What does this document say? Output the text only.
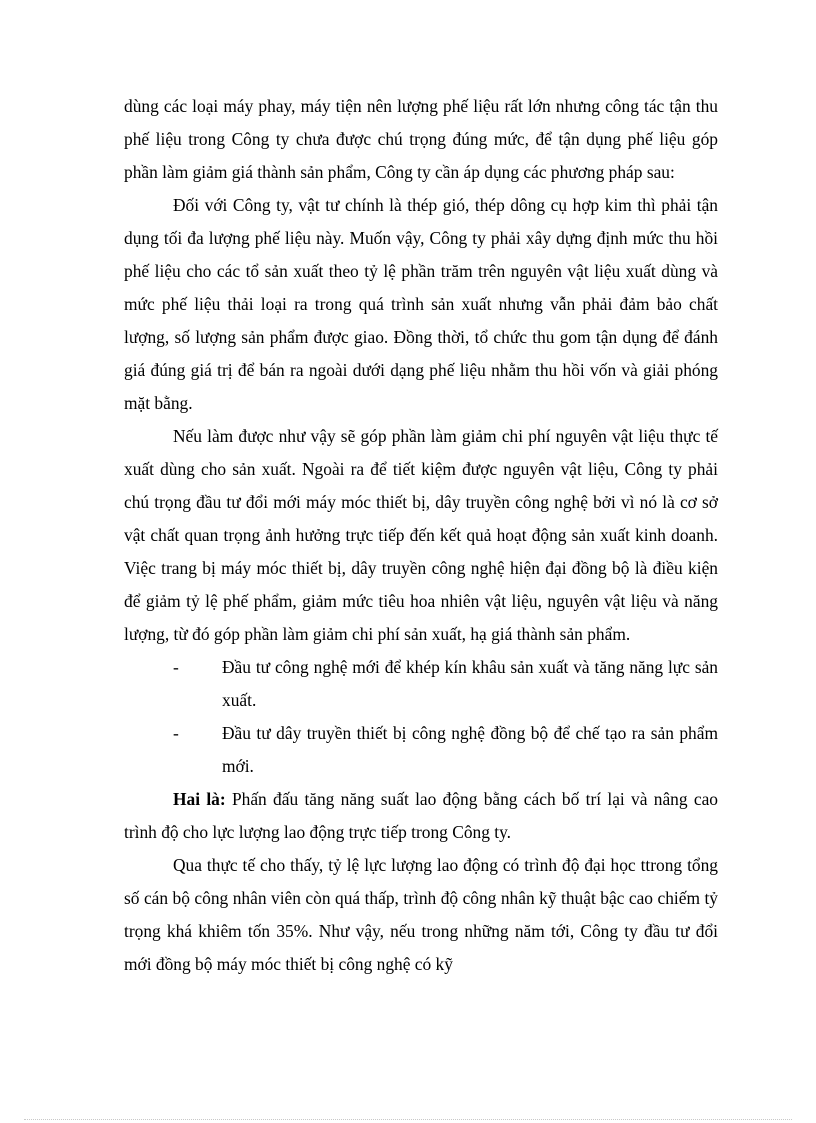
dùng các loại máy phay, máy tiện nên lượng phế liệu rất lớn nhưng công tác tận thu phế liệu trong Công ty chưa được chú trọng đúng mức, để tận dụng phế liệu góp phần làm giảm giá thành sản phẩm, Công ty cần áp dụng các phương pháp sau:

Đối với Công ty, vật tư chính là thép gió, thép dông cụ hợp kim thì phải tận dụng tối đa lượng phế liệu này. Muốn vậy, Công ty phải xây dựng định mức thu hồi phế liệu cho các tổ sản xuất theo tỷ lệ phần trăm trên nguyên vật liệu xuất dùng và mức phế liệu thải loại ra trong quá trình sản xuất nhưng vẫn phải đảm bảo chất lượng, số lượng sản phẩm được giao. Đồng thời, tổ chức thu gom tận dụng để đánh giá đúng giá trị để bán ra ngoài dưới dạng phế liệu nhằm thu hồi vốn và giải phóng mặt bằng.

Nếu làm được như vậy sẽ góp phần làm giảm chi phí nguyên vật liệu thực tế xuất dùng cho sản xuất. Ngoài ra để tiết kiệm được nguyên vật liệu, Công ty phải chú trọng đầu tư đổi mới máy móc thiết bị, dây truyền công nghệ bởi vì nó là cơ sở vật chất quan trọng ảnh hưởng trực tiếp đến kết quả hoạt động sản xuất kinh doanh. Việc trang bị máy móc thiết bị, dây truyền công nghệ hiện đại đồng bộ là điều kiện để giảm tỷ lệ phế phẩm, giảm mức tiêu hoa nhiên vật liệu, nguyên vật liệu và năng lượng, từ đó góp phần làm giảm chi phí sản xuất, hạ giá thành sản phẩm.

-	Đầu tư công nghệ mới để khép kín khâu sản xuất và tăng năng lực sản xuất.
-	Đầu tư dây truyền thiết bị công nghệ đồng bộ để chế tạo ra sản phẩm mới.

Hai là: Phấn đấu tăng năng suất lao động bằng cách bố trí lại và nâng cao trình độ cho lực lượng lao động trực tiếp trong Công ty.

Qua thực tế cho thấy, tỷ lệ lực lượng lao động có trình độ đại học ttrong tổng số cán bộ công nhân viên còn quá thấp, trình độ công nhân kỹ thuật bậc cao chiếm tỷ trọng khá khiêm tốn 35%. Như vậy, nếu trong những năm tới, Công ty đầu tư đổi mới đồng bộ máy móc thiết bị công nghệ có kỹ
